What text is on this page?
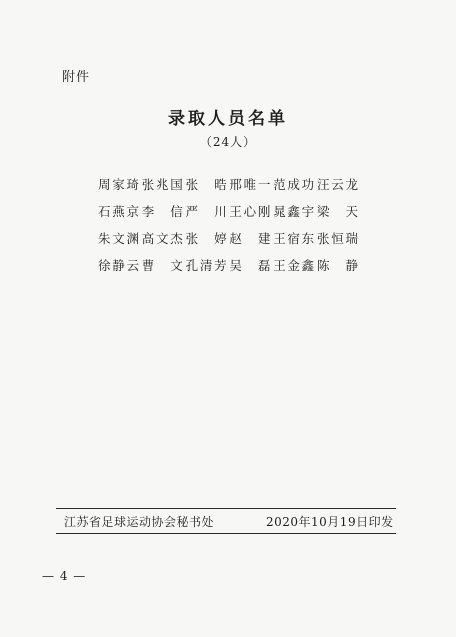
附件
录取人员名单
（24人）
周 家 琦 张 兆 国 张
　 晧 邢 唯 一 范 成 功 汪 云 龙
石 燕 京 李
　 信 严
　 川 王 心 刚 晁 鑫 宇 梁
　 天
朱 文 渊 高 文 杰 张
　 婷 赵
　 建 王 宿 东 张 恒 瑞
徐 静 云 曹
　 文 孔 清 芳 吴
　 磊 王 金 鑫 陈
　 静
江苏省足球运动协会秘书处	2020年10月19日印发
— 4 —
